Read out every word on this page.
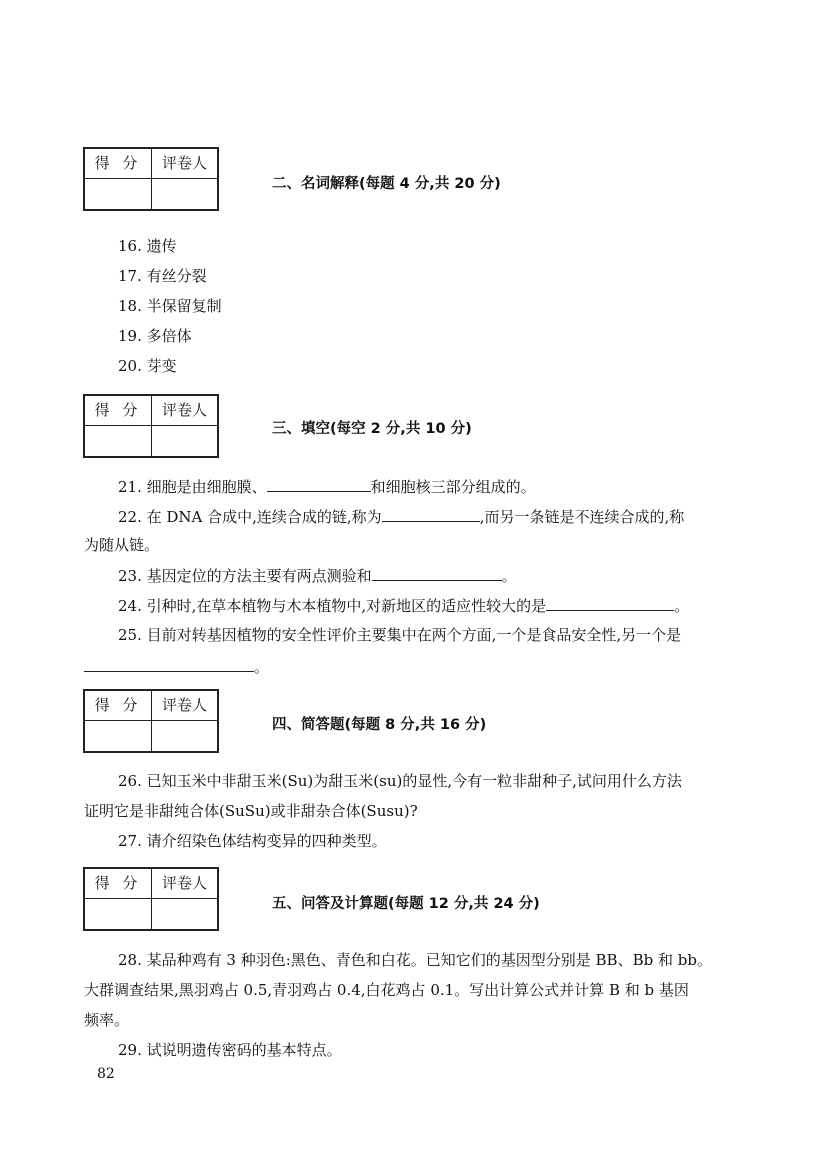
得 分	评卷人
二、名词解释(每题 4 分,共 20 分)
16. 遗传
17. 有丝分裂
18. 半保留复制
19. 多倍体
20. 芽变
得 分	评卷人
三、填空(每空 2 分,共 10 分)
21. 细胞是由细胞膜、	和细胞核三部分组成的。
22. 在 DNA 合成中,连续合成的链,称为	,而另一条链是不连续合成的,称
为随从链。
23. 基因定位的方法主要有两点测验和	。
24. 引种时,在草本植物与木本植物中,对新地区的适应性较大的是	。
25. 目前对转基因植物的安全性评价主要集中在两个方面,一个是食品安全性,另一个是
。
得 分	评卷人
四、简答题(每题 8 分,共 16 分)
26. 已知玉米中非甜玉米(Su)为甜玉米(su)的显性,今有一粒非甜种子,试问用什么方法
证明它是非甜纯合体(SuSu)或非甜杂合体(Susu)?
27. 请介绍染色体结构变异的四种类型。
得 分	评卷人
五、问答及计算题(每题 12 分,共 24 分)
28. 某品种鸡有 3 种羽色:黑色、青色和白花。已知它们的基因型分别是 BB、Bb 和 bb。
大群调查结果,黑羽鸡占 0.5,青羽鸡占 0.4,白花鸡占 0.1。写出计算公式并计算 B 和 b 基因
频率。
29. 试说明遗传密码的基本特点。
82
